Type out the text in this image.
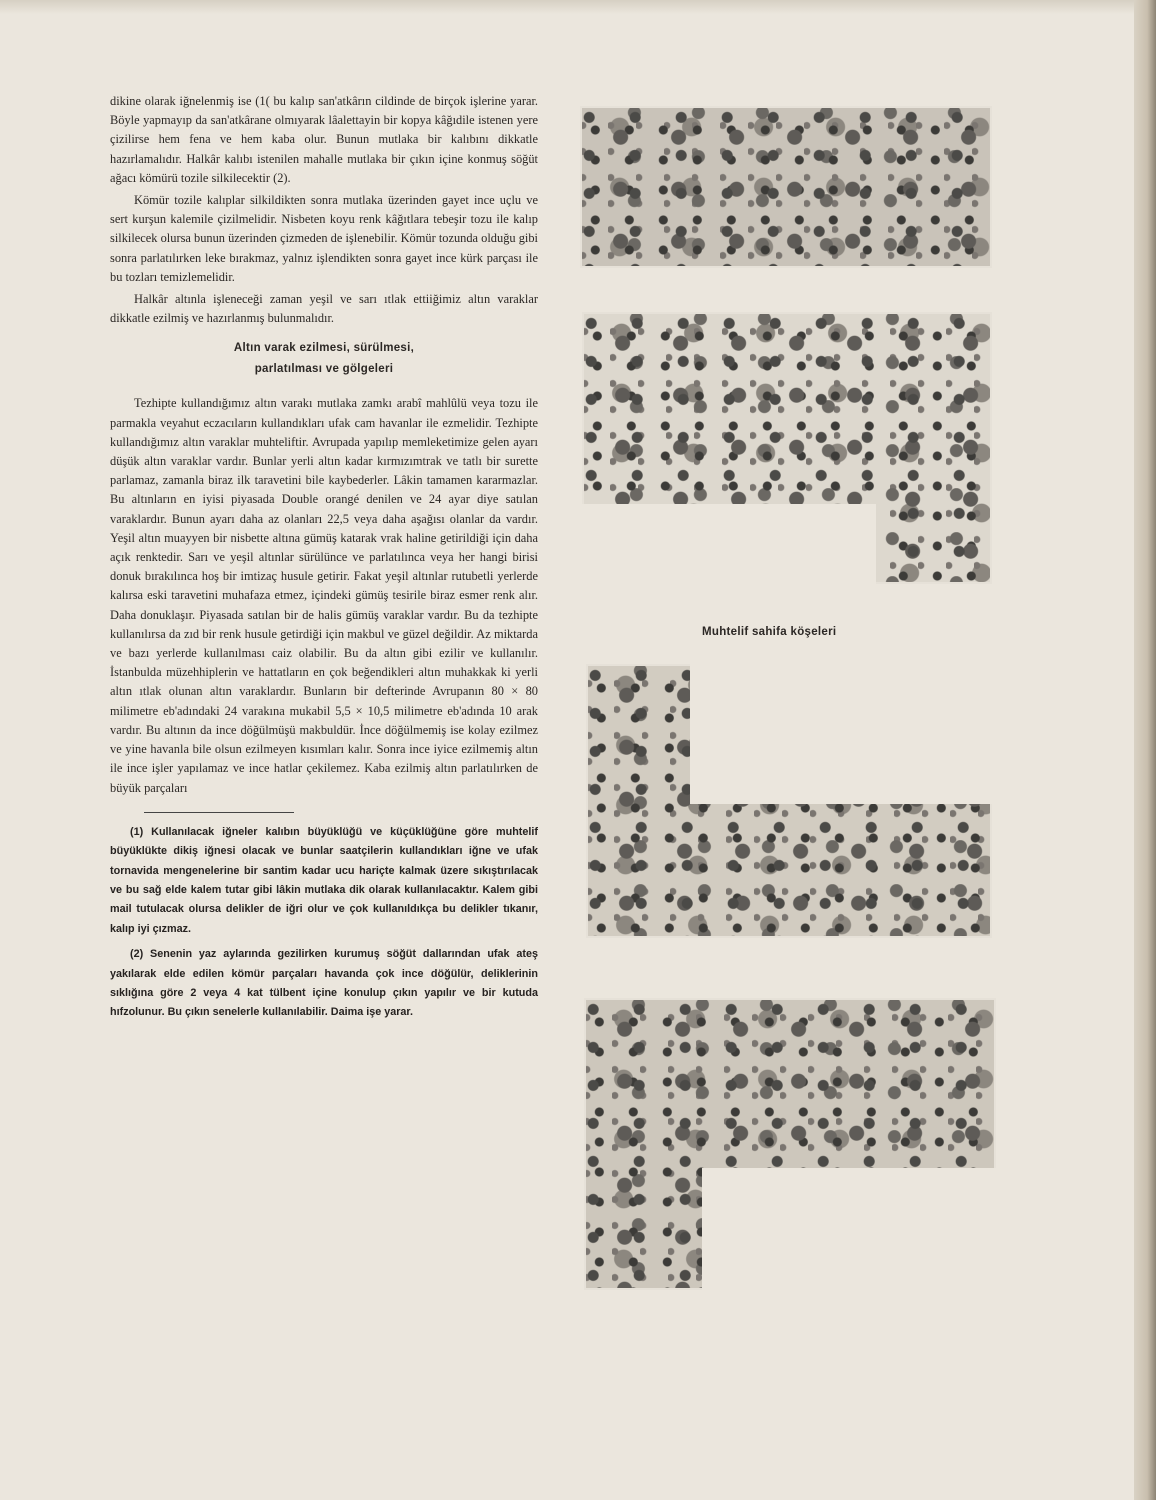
dikine olarak iğnelenmiş ise (1( bu kalıp san'atkârın cildinde de birçok işlerine yarar. Böyle yapmayıp da san'atkârane olmıyarak lâalettayin bir kopya kâğıdile istenen yere çizilirse hem fena ve hem kaba olur. Bunun mutlaka bir kalıbını dikkatle hazırlamalıdır. Halkâr kalıbı istenilen mahalle mutlaka bir çıkın içine konmuş söğüt ağacı kömürü tozile silkilecektir (2).

Kömür tozile kalıplar silkildikten sonra mutlaka üzerinden gayet ince uçlu ve sert kurşun kalemile çizilmelidir. Nisbeten koyu renk kâğıtlara tebeşir tozu ile kalıp silkilecek olursa bunun üzerinden çizmeden de işlenebilir. Kömür tozunda olduğu gibi sonra parlatılırken leke bırakmaz, yalnız işlendikten sonra gayet ince kürk parçası ile bu tozları temizlemelidir.

Halkâr altınla işleneceği zaman yeşil ve sarı ıtlak ettiiğimiz altın varaklar dikkatle ezilmiş ve hazırlanmış bulunmalıdır.

Altın varak ezilmesi, sürülmesi,
parlatılması ve gölgeleri

Tezhipte kullandığımız altın varakı mutlaka zamkı arabî mahlûlü veya tozu ile parmakla veyahut eczacıların kullandıkları ufak cam havanlar ile ezmelidir. Tezhipte kullandığımız altın varaklar muhteliftir. Avrupada yapılıp memleketimize gelen ayarı düşük altın varaklar vardır. Bunlar yerli altın kadar kırmızımtrak ve tatlı bir surette parlamaz, zamanla biraz ilk taravetini bile kaybederler. Lâkin tamamen kararmazlar. Bu altınların en iyisi piyasada Double orangé denilen ve 24 ayar diye satılan varaklardır. Bunun ayarı daha az olanları 22,5 veya daha aşağısı olanlar da vardır. Yeşil altın muayyen bir nisbette altına gümüş katarak vrak haline getirildiği için daha açık renktedir. Sarı ve yeşil altınlar sürülünce ve parlatılınca veya her hangi birisi donuk bırakılınca hoş bir imtizaç husule getirir. Fakat yeşil altınlar rutubetli yerlerde kalırsa eski taravetini muhafaza etmez, içindeki gümüş tesirile biraz esmer renk alır. Daha donuklaşır. Piyasada satılan bir de halis gümüş varaklar vardır. Bu da tezhipte kullanılırsa da zıd bir renk husule getirdiği için makbul ve güzel değildir. Az miktarda ve bazı yerlerde kullanılması caiz olabilir. Bu da altın gibi ezilir ve kullanılır. İstanbulda müzehhiplerin ve hattatların en çok beğendikleri altın muhakkak ki yerli altın ıtlak olunan altın varaklardır. Bunların bir defterinde Avrupanın 80 × 80 milimetre eb'adındaki 24 varakına mukabil 5,5 × 10,5 milimetre eb'adında 10 arak vardır. Bu altının da ince döğülmüşü makbuldür. İnce döğülmemiş ise kolay ezilmez ve yine havanla bile olsun ezilmeyen kısımları kalır. Sonra ince iyice ezilmemiş altın ile ince işler yapılamaz ve ince hatlar çekilemez. Kaba ezilmiş altın parlatılırken de büyük parçaları

(1) Kullanılacak iğneler kalıbın büyüklüğü ve küçüklüğüne göre muhtelif büyüklükte dikiş iğnesi olacak ve bunlar saatçilerin kullandıkları iğne ve ufak tornavida mengenelerine bir santim kadar ucu hariçte kalmak üzere sıkıştırılacak ve bu sağ elde kalem tutar gibi lâkin mutlaka dik olarak kullanılacaktır. Kalem gibi mail tutulacak olursa delikler de iğri olur ve çok kullanıldıkça bu delikler tıkanır, kalıp iyi çızmaz.

(2) Senenin yaz aylarında gezilirken kurumuş söğüt dallarından ufak ateş yakılarak elde edilen kömür parçaları havanda çok ince döğülür, deliklerinin sıklığına göre 2 veya 4 kat tülbent içine konulup çıkın yapılır ve bir kutuda hıfzolunur. Bu çıkın senelerle kullanılabilir. Daima işe yarar.

Muhtelif sahifa köşeleri
